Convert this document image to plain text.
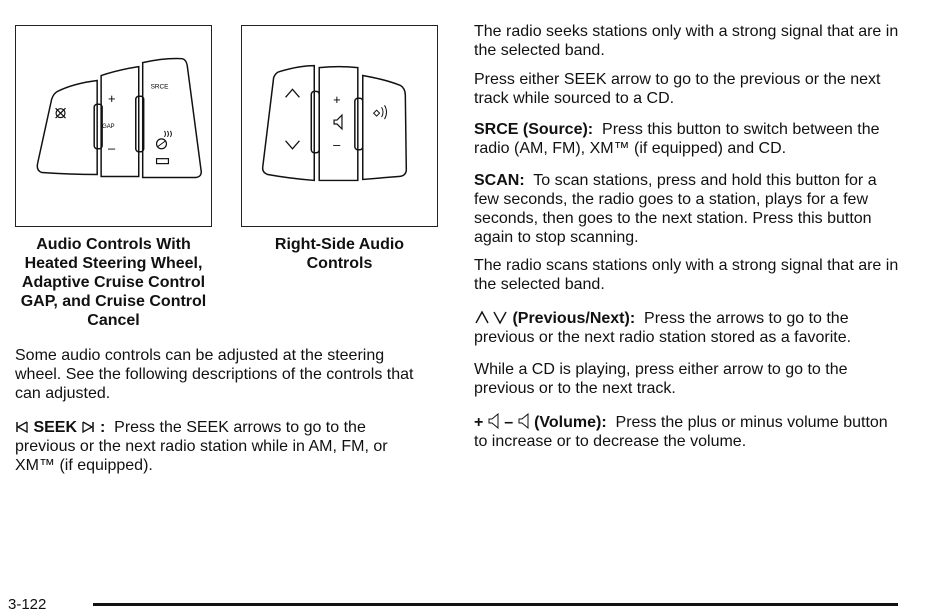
+
GAP
–
SRCE
+
–
Audio Controls With Heated Steering Wheel, Adaptive Cruise Control GAP, and Cruise Control Cancel
Right-Side Audio Controls
Some audio controls can be adjusted at the steering wheel. See the following descriptions of the controls that can adjusted.
SEEK : Press the SEEK arrows to go to the previous or the next radio station while in AM, FM, or XM™ (if equipped).
The radio seeks stations only with a strong signal that are in the selected band.
Press either SEEK arrow to go to the previous or the next track while sourced to a CD.
SRCE (Source): Press this button to switch between the radio (AM, FM), XM™ (if equipped) and CD.
SCAN: To scan stations, press and hold this button for a few seconds, the radio goes to a station, plays for a few seconds, then goes to the next station. Press this button again to stop scanning.
The radio scans stations only with a strong signal that are in the selected band.
(Previous/Next): Press the arrows to go to the previous or the next radio station stored as a favorite.
While a CD is playing, press either arrow to go to the previous or to the next track.
+ – (Volume): Press the plus or minus volume button to increase or to decrease the volume.
3-122
